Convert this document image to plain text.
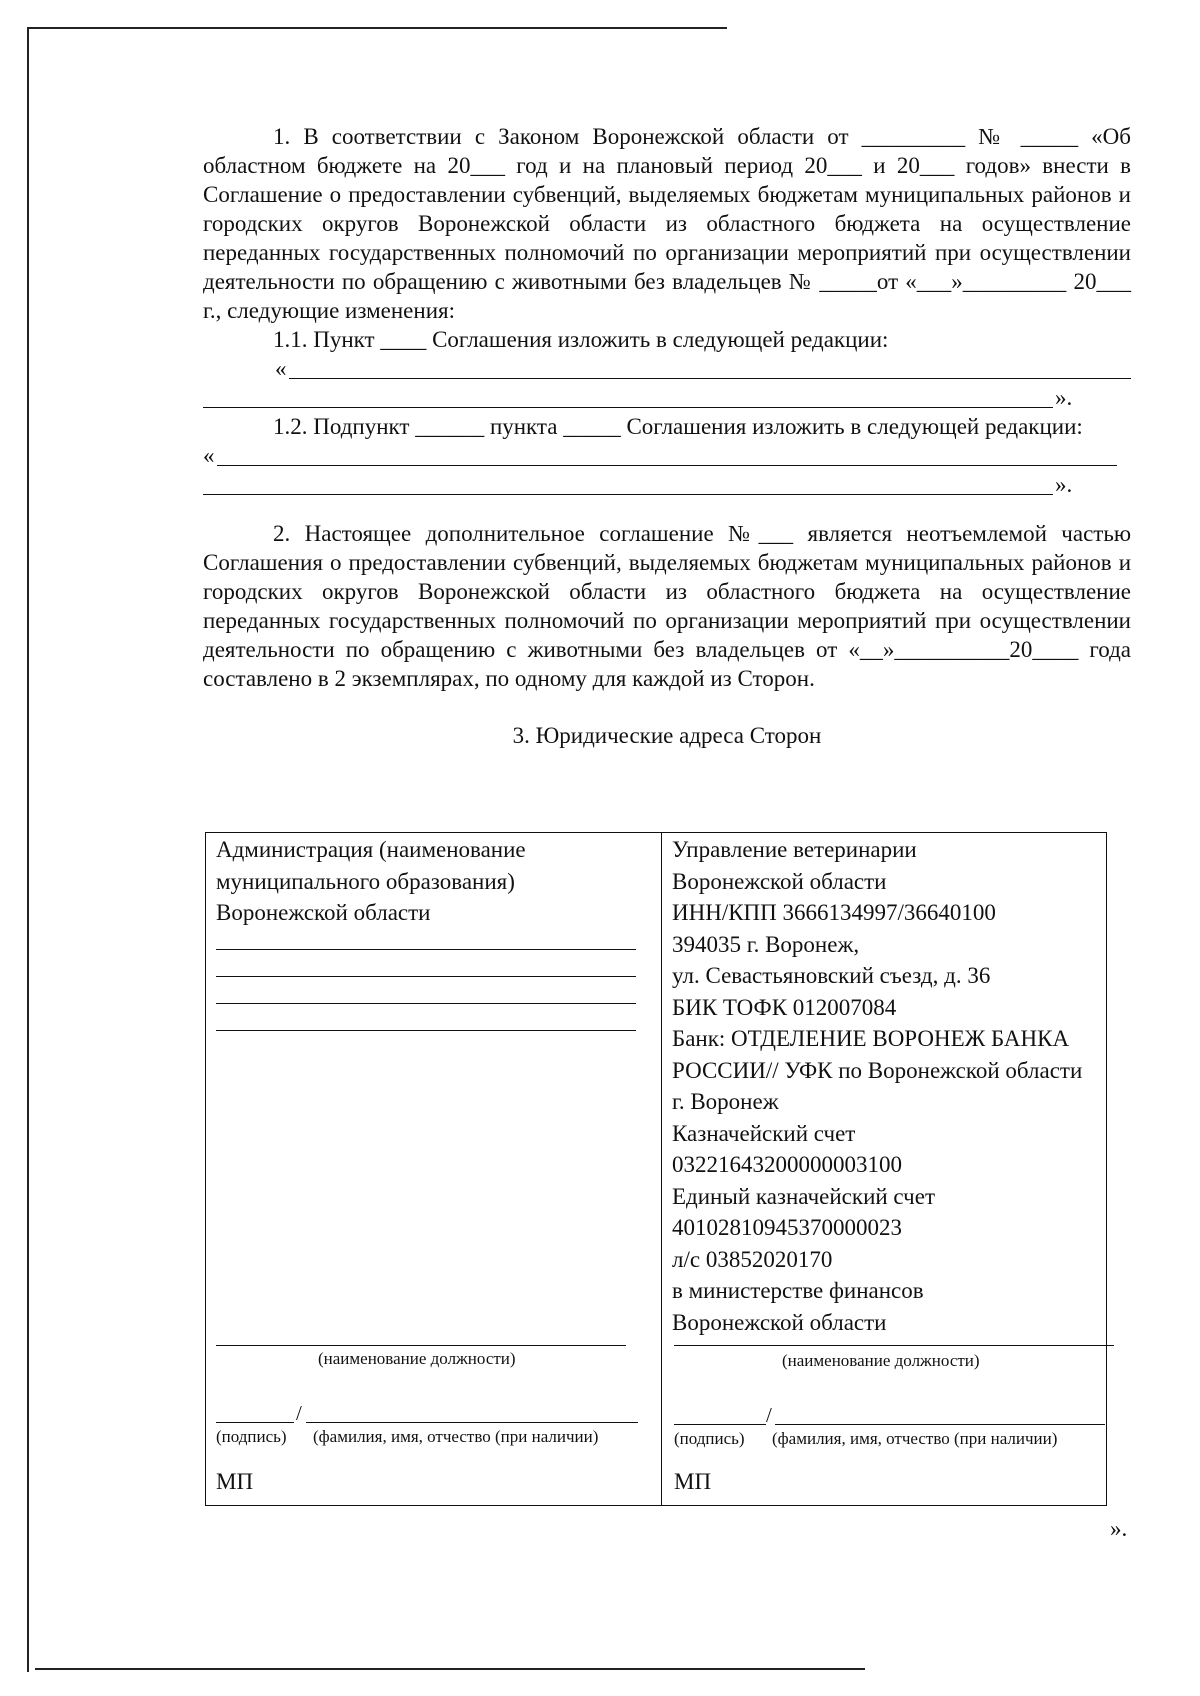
1. В соответствии с Законом Воронежской области от _________ № _____ «Об областном бюджете на 20___ год и на плановый период 20___ и 20___ годов» внести в Соглашение о предоставлении субвенций, выделяемых бюджетам муниципальных районов и городских округов Воронежской области из областного бюджета на осуществление переданных государственных полномочий по организации мероприятий при осуществлении деятельности по обращению с животными без владельцев № _____от «___»_________ 20___ г., следующие изменения:

1.1. Пункт ____ Соглашения изложить в следующей редакции:

«
».

1.2. Подпункт ______ пункта _____ Соглашения изложить в следующей редакции:

«
».

2. Настоящее дополнительное соглашение №___ является неотъемлемой частью Соглашения о предоставлении субвенций, выделяемых бюджетам муниципальных районов и городских округов Воронежской области из областного бюджета на осуществление переданных государственных полномочий по организации мероприятий при осуществлении деятельности по обращению с животными без владельцев от «__»__________20____ года составлено в 2 экземплярах, по одному для каждой из Сторон.

3. Юридические адреса Сторон

Администрация (наименование

муниципального образования)

Воронежской области

(наименование должности)
/
(подпись) (фамилия, имя, отчество (при наличии)
МП

Управление ветеринарии

Воронежской области

ИНН/КПП 3666134997/36640100

394035 г. Воронеж,

ул. Севастьяновский съезд, д. 36

БИК ТОФК 012007084

Банк: ОТДЕЛЕНИЕ ВОРОНЕЖ БАНКА

РОССИИ// УФК по Воронежской области

г. Воронеж

Казначейский счет

03221643200000003100

Единый казначейский счет

40102810945370000023

л/с 03852020170

в министерстве финансов

Воронежской области

(наименование должности)
/
(подпись) (фамилия, имя, отчество (при наличии)
МП
».
